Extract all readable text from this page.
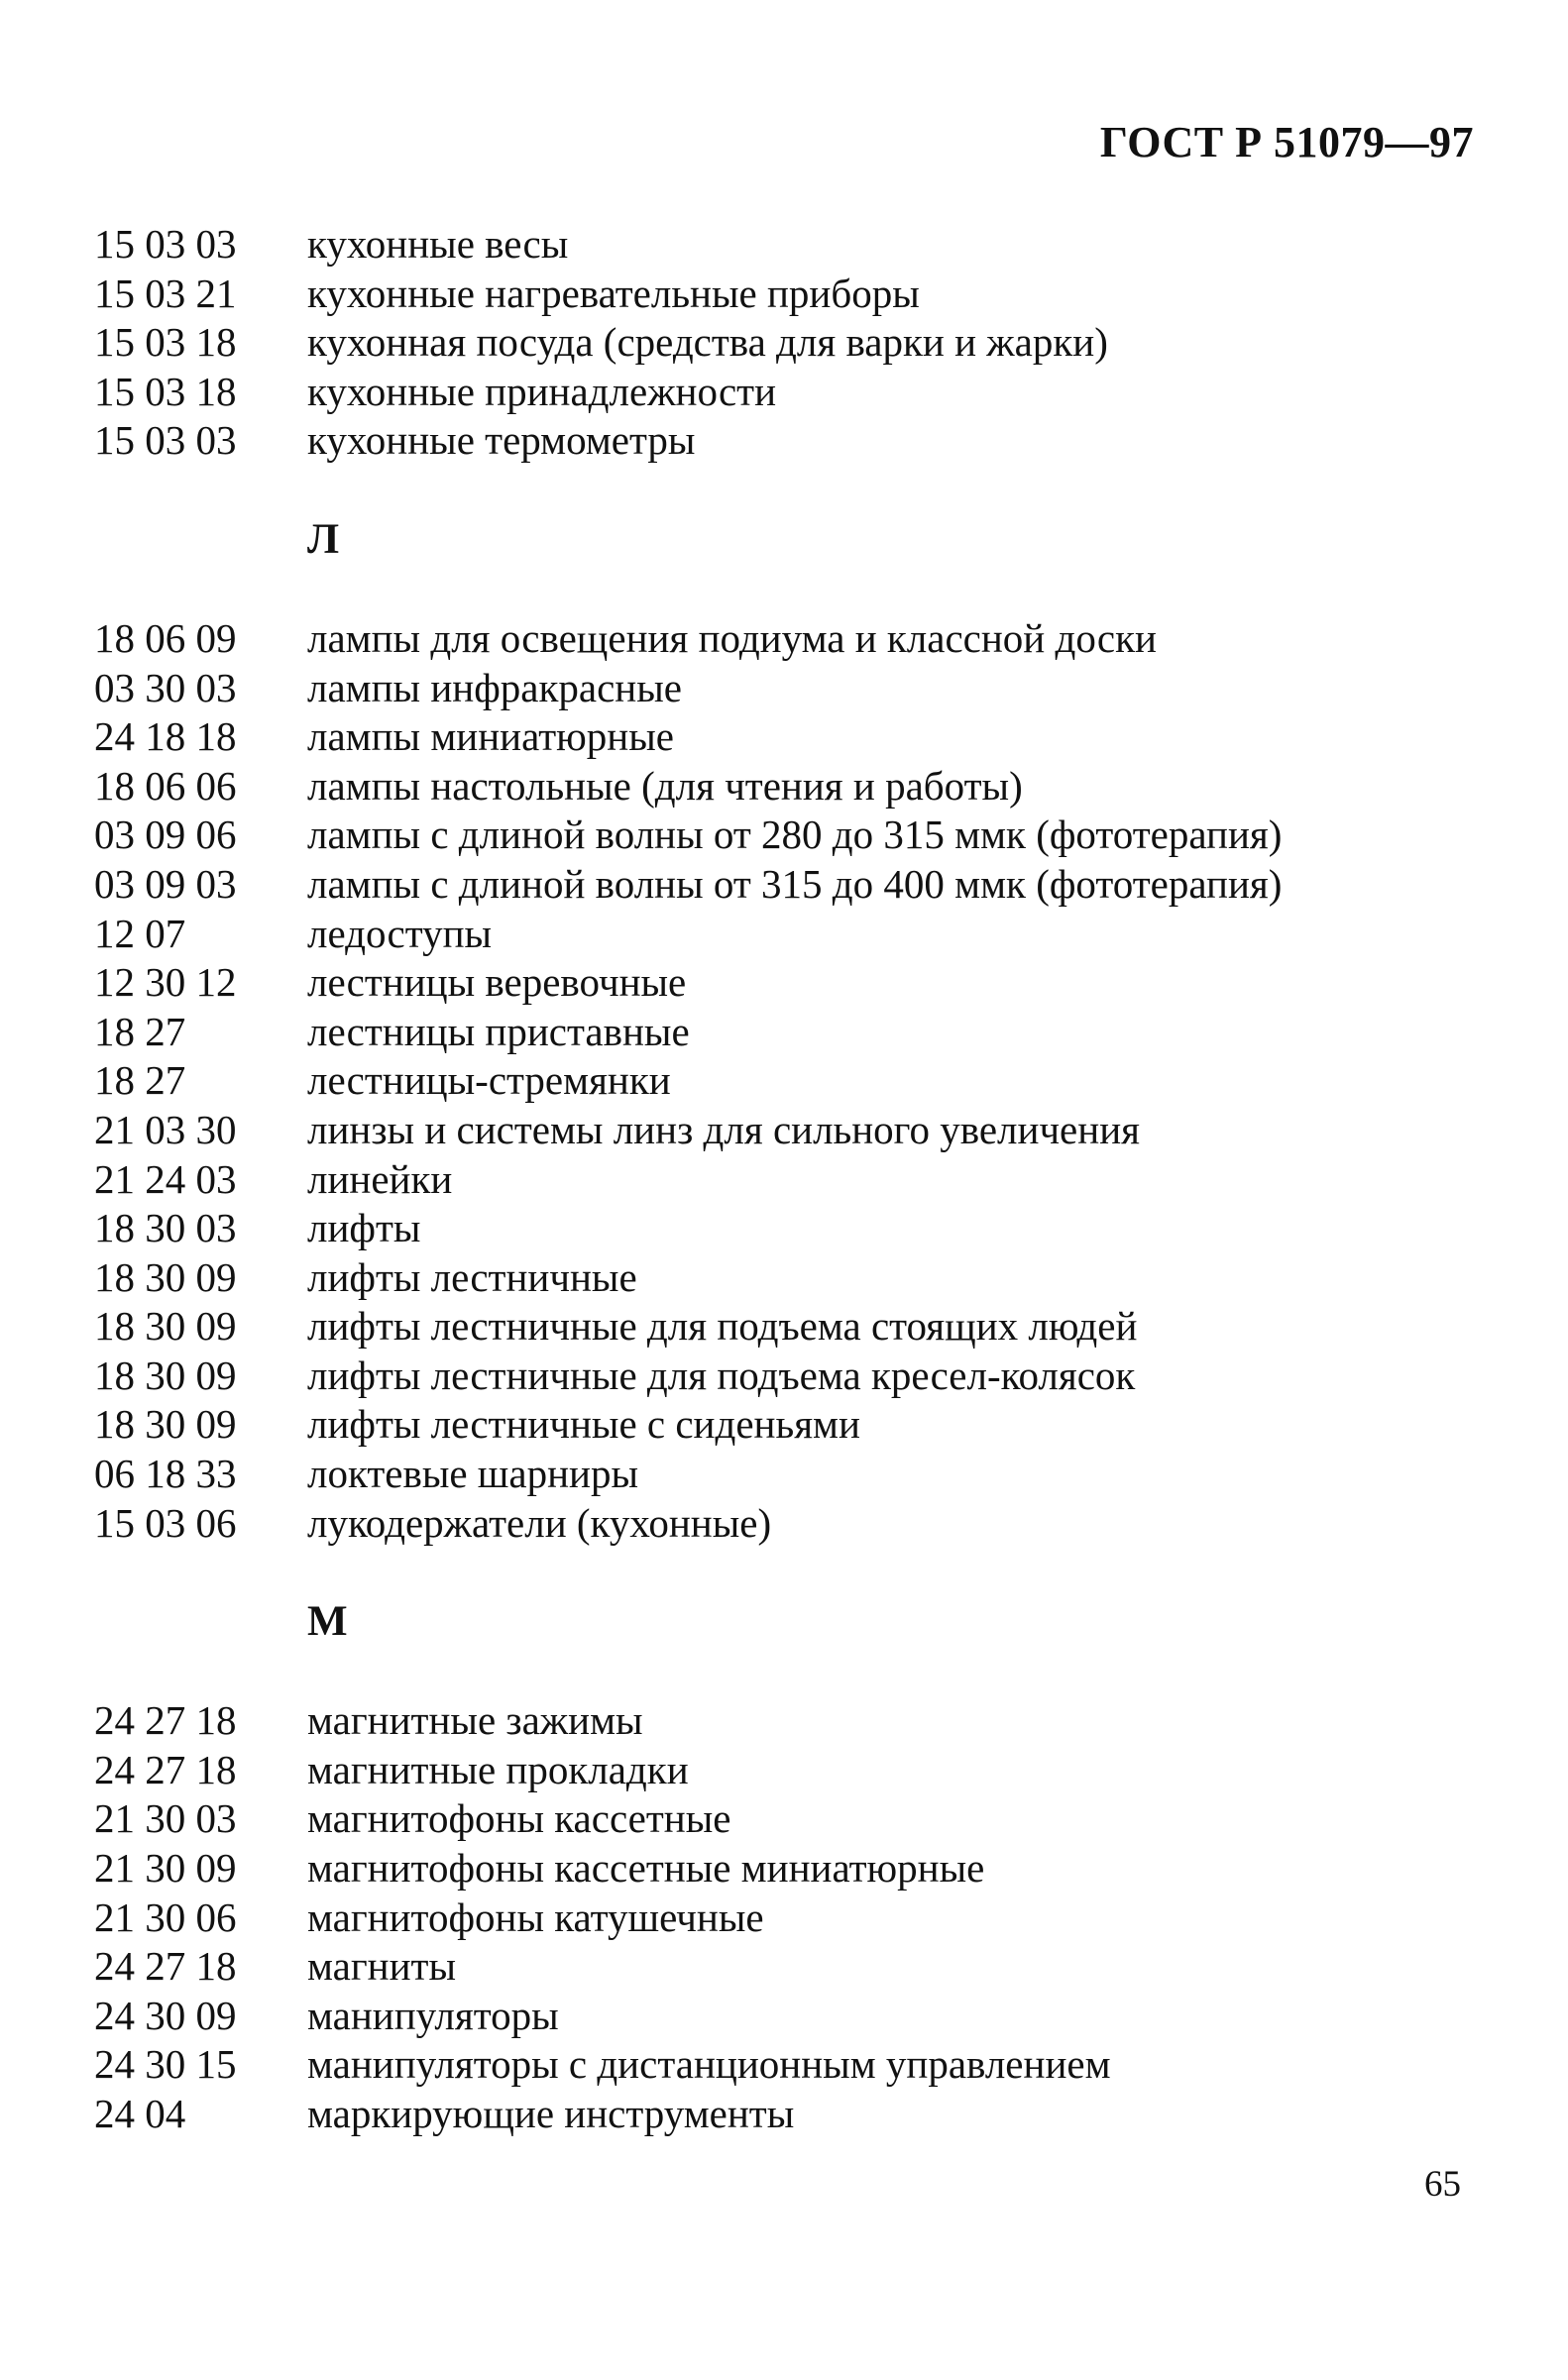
ГОСТ Р 51079—97
15 03 03	кухонные весы
15 03 21	кухонные нагревательные приборы
15 03 18	кухонная посуда (средства для варки и жарки)
15 03 18	кухонные принадлежности
15 03 03	кухонные термометры
Л
18 06 09	лампы для освещения подиума и классной доски
03 30 03	лампы инфракрасные
24 18 18	лампы миниатюрные
18 06 06	лампы настольные (для чтения и работы)
03 09 06	лампы с длиной волны от 280 до 315 ммк (фототерапия)
03 09 03	лампы с длиной волны от 315 до 400 ммк (фототерапия)
12 07	ледоступы
12 30 12	лестницы веревочные
18 27	лестницы приставные
18 27	лестницы-стремянки
21 03 30	линзы и системы линз для сильного увеличения
21 24 03	линейки
18 30 03	лифты
18 30 09	лифты лестничные
18 30 09	лифты лестничные для подъема стоящих людей
18 30 09	лифты лестничные для подъема кресел-колясок
18 30 09	лифты лестничные с сиденьями
06 18 33	локтевые шарниры
15 03 06	лукодержатели (кухонные)
М
24 27 18	магнитные зажимы
24 27 18	магнитные прокладки
21 30 03	магнитофоны кассетные
21 30 09	магнитофоны кассетные миниатюрные
21 30 06	магнитофоны катушечные
24 27 18	магниты
24 30 09	манипуляторы
24 30 15	манипуляторы с дистанционным управлением
24 04	маркирующие инструменты
65
